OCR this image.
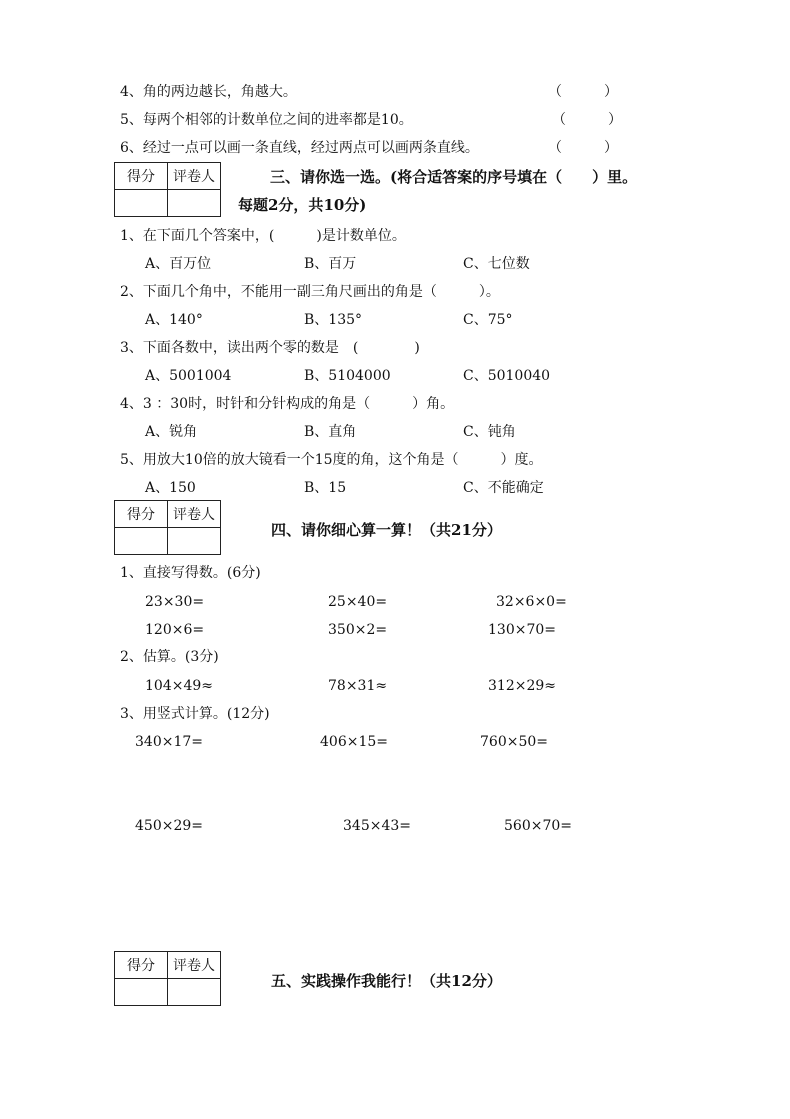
4、角的两边越长，角越大。	（　　　）
5、每两个相邻的计数单位之间的进率都是10。	（　　　）
6、经过一点可以画一条直线，经过两点可以画两条直线。	（　　　）
得分	评卷人
		三、请你选一选。(将合适答案的序号填在（　　）里。
每题2分，共10分)
1、在下面几个答案中，(　　　)是计数单位。
A、百万位	B、百万	C、七位数
2、下面几个角中，不能用一副三角尺画出的角是（　　　）。
A、140°	B、135°	C、75°
3、下面各数中，读出两个零的数是　(　　　　)
A、5001004	B、5104000	C、5010040
4、3 ：30时，时针和分针构成的角是（　　　）角。
A、锐角	B、直角	C、钝角
5、用放大10倍的放大镜看一个15度的角，这个角是（　　　）度。
A、150	B、15	C、不能确定
得分	评卷人

四、请你细心算一算！（共21分）
1、直接写得数。(6分)
23×30=	25×40=	32×6×0=
120×6=	350×2=	130×70=
2、估算。(3分)
104×49≈	78×31≈	312×29≈
3、用竖式计算。(12分)
340×17=	406×15=	760×50=
450×29=	345×43=	560×70=
得分	评卷人

五、实践操作我能行！（共12分）
